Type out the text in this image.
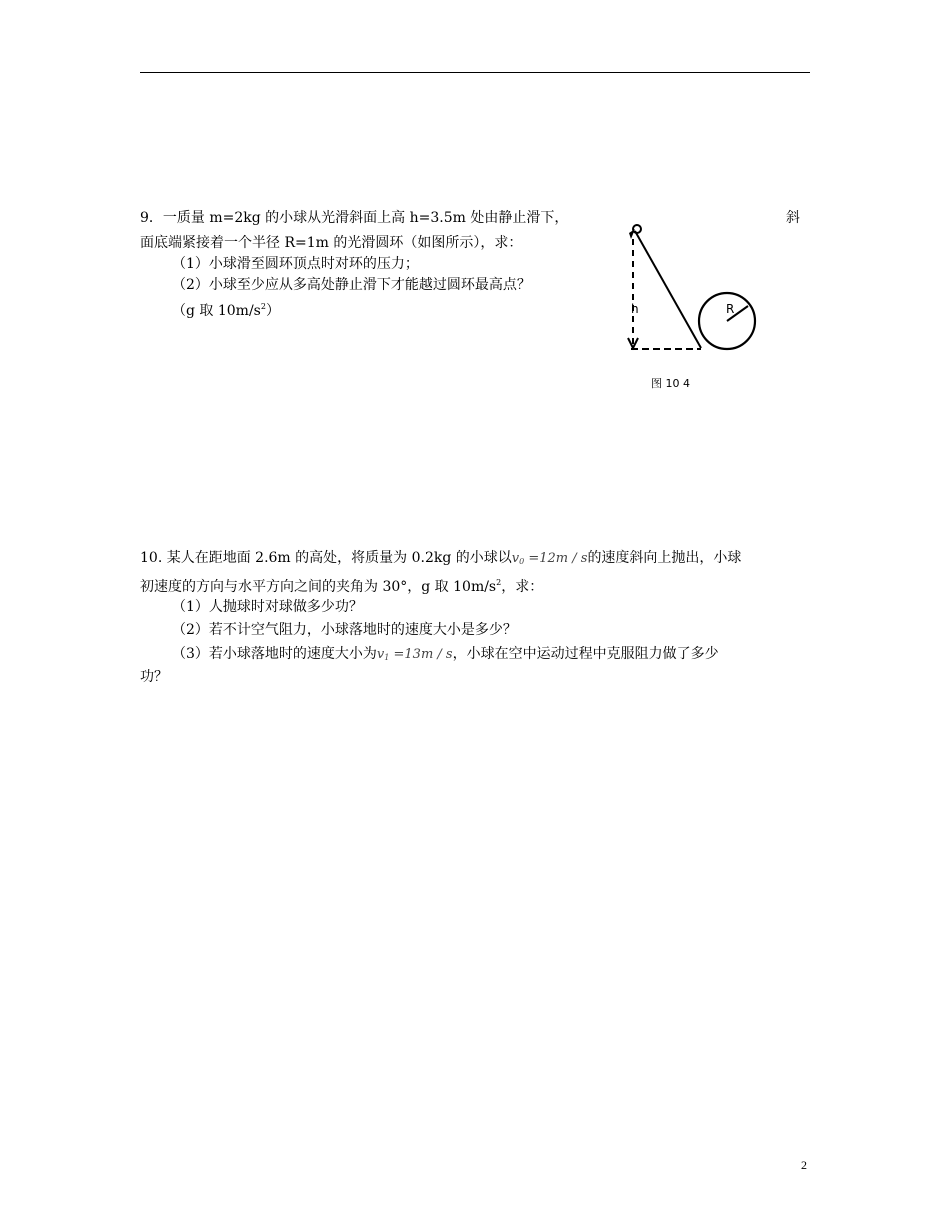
9．一质量 m=2kg 的小球从光滑斜面上高 h=3.5m 处由静止滑下，	斜
面底端紧接着一个半径 R=1m 的光滑圆环（如图所示），求：
（1）小球滑至圆环顶点时对环的压力；
（2）小球至少应从多高处静止滑下才能越过圆环最高点？
（g 取 $10m/s^2$）	h	R
图 10 4
10. 某人在距地面 2.6m 的高处，将质量为 0.2kg 的小球以$v_0 =12m / s$的速度斜向上抛出，小球
初速度的方向与水平方向之间的夹角为 30°，g 取 $10m/s^2$，求：
（1）人抛球时对球做多少功？
（2）若不计空气阻力，小球落地时的速度大小是多少？
（3）若小球落地时的速度大小为$v_1 =13m / s$，小球在空中运动过程中克服阻力做了多少
功？
2
